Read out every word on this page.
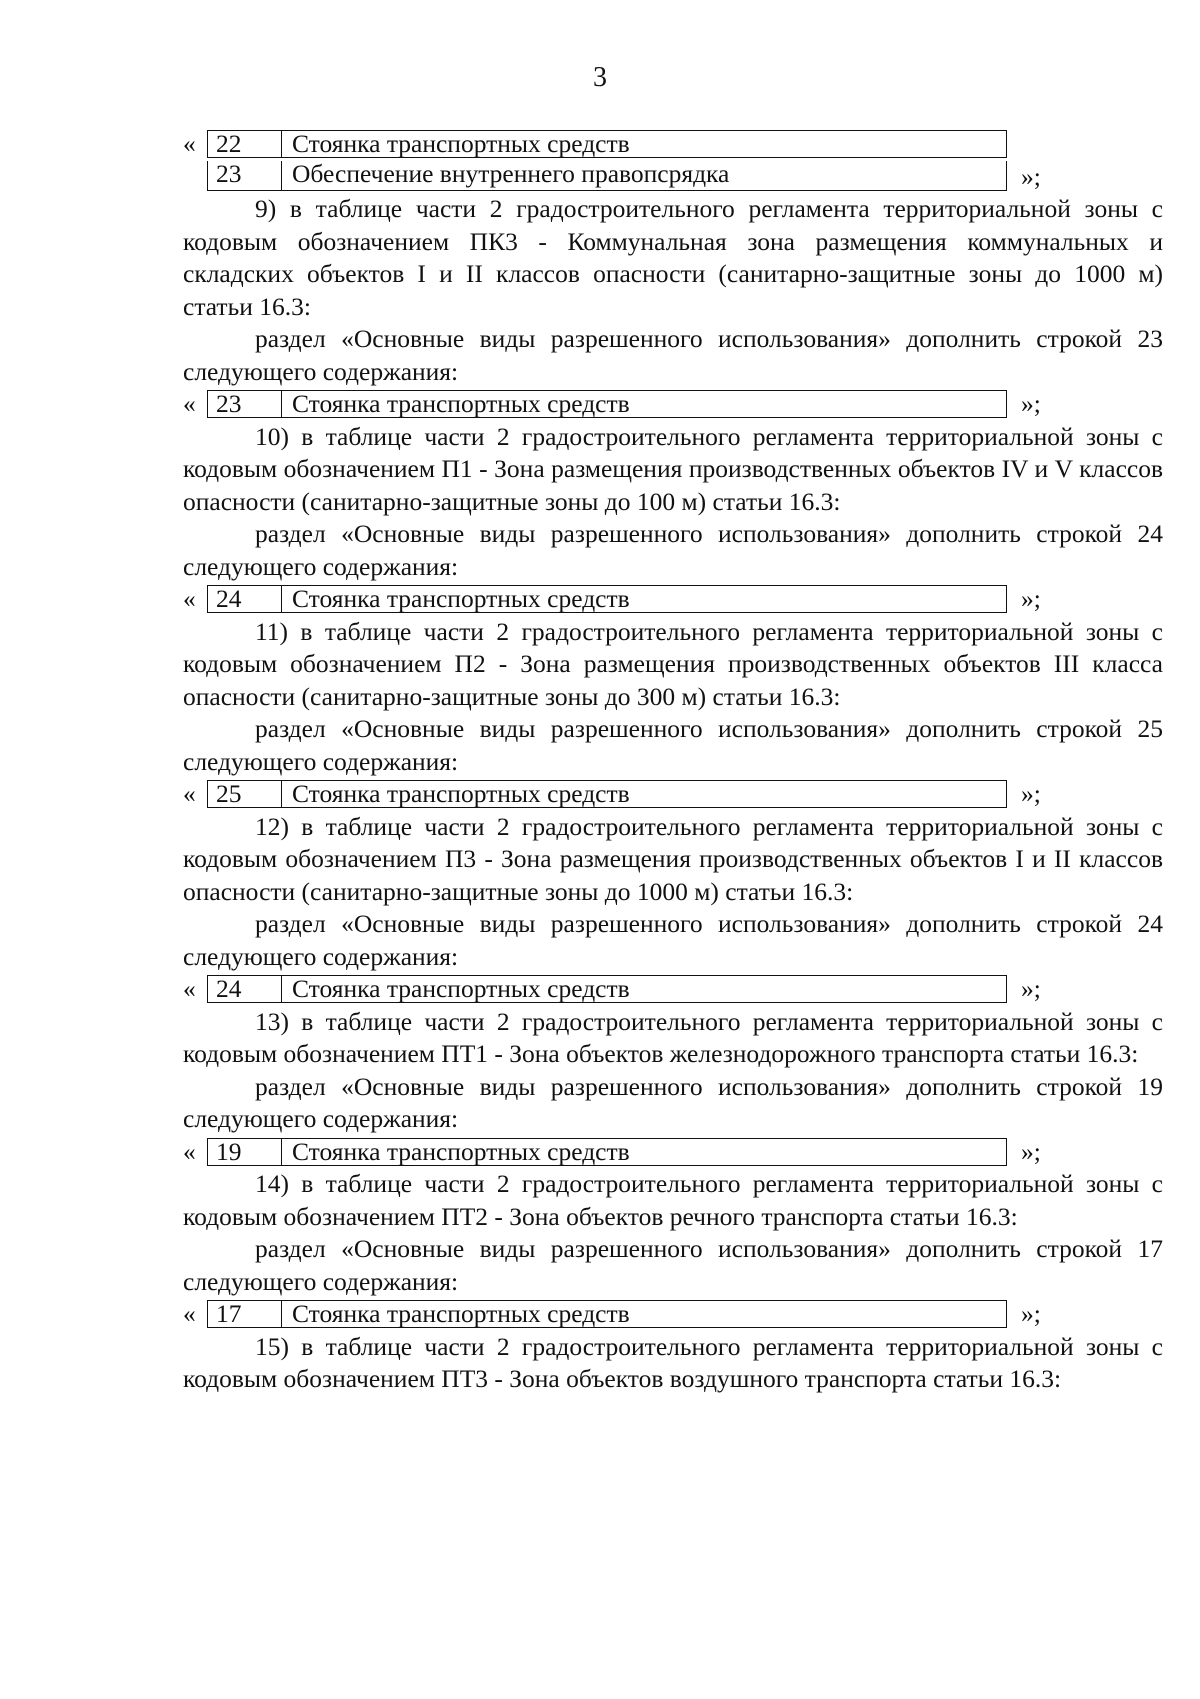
3
« 22	Стоянка транспортных средств
23	Обеспечение внутреннего правопсрядка	»;

9) в таблице части 2 градостроительного регламента территориальной зоны с кодовым обозначением ПК3 - Коммунальная зона размещения коммунальных и складских объектов I и II классов опасности (санитарно-защитные зоны до 1000 м) статьи 16.3:

раздел «Основные виды разрешенного использования» дополнить строкой 23 следующего содержания:

« 23	Стоянка транспортных средств	»;

10) в таблице части 2 градостроительного регламента территориальной зоны с кодовым обозначением П1 - Зона размещения производственных объектов IV и V классов опасности (санитарно-защитные зоны до 100 м) статьи 16.3:

раздел «Основные виды разрешенного использования» дополнить строкой 24 следующего содержания:

« 24	Стоянка транспортных средств	»;

11) в таблице части 2 градостроительного регламента территориальной зоны с кодовым обозначением П2 - Зона размещения производственных объектов III класса опасности (санитарно-защитные зоны до 300 м) статьи 16.3:

раздел «Основные виды разрешенного использования» дополнить строкой 25 следующего содержания:

« 25	Стоянка транспортных средств	»;

12) в таблице части 2 градостроительного регламента территориальной зоны с кодовым обозначением П3 - Зона размещения производственных объектов I и II классов опасности (санитарно-защитные зоны до 1000 м) статьи 16.3:

раздел «Основные виды разрешенного использования» дополнить строкой 24 следующего содержания:

« 24	Стоянка транспортных средств	»;

13) в таблице части 2 градостроительного регламента территориальной зоны с кодовым обозначением ПТ1 - Зона объектов железнодорожного транспорта статьи 16.3:

раздел «Основные виды разрешенного использования» дополнить строкой 19 следующего содержания:

« 19	Стоянка транспортных средств	»;

14) в таблице части 2 градостроительного регламента территориальной зоны с кодовым обозначением ПТ2 - Зона объектов речного транспорта статьи 16.3:

раздел «Основные виды разрешенного использования» дополнить строкой 17 следующего содержания:

« 17	Стоянка транспортных средств	»;

15) в таблице части 2 градостроительного регламента территориальной зоны с кодовым обозначением ПТ3 - Зона объектов воздушного транспорта статьи 16.3:
